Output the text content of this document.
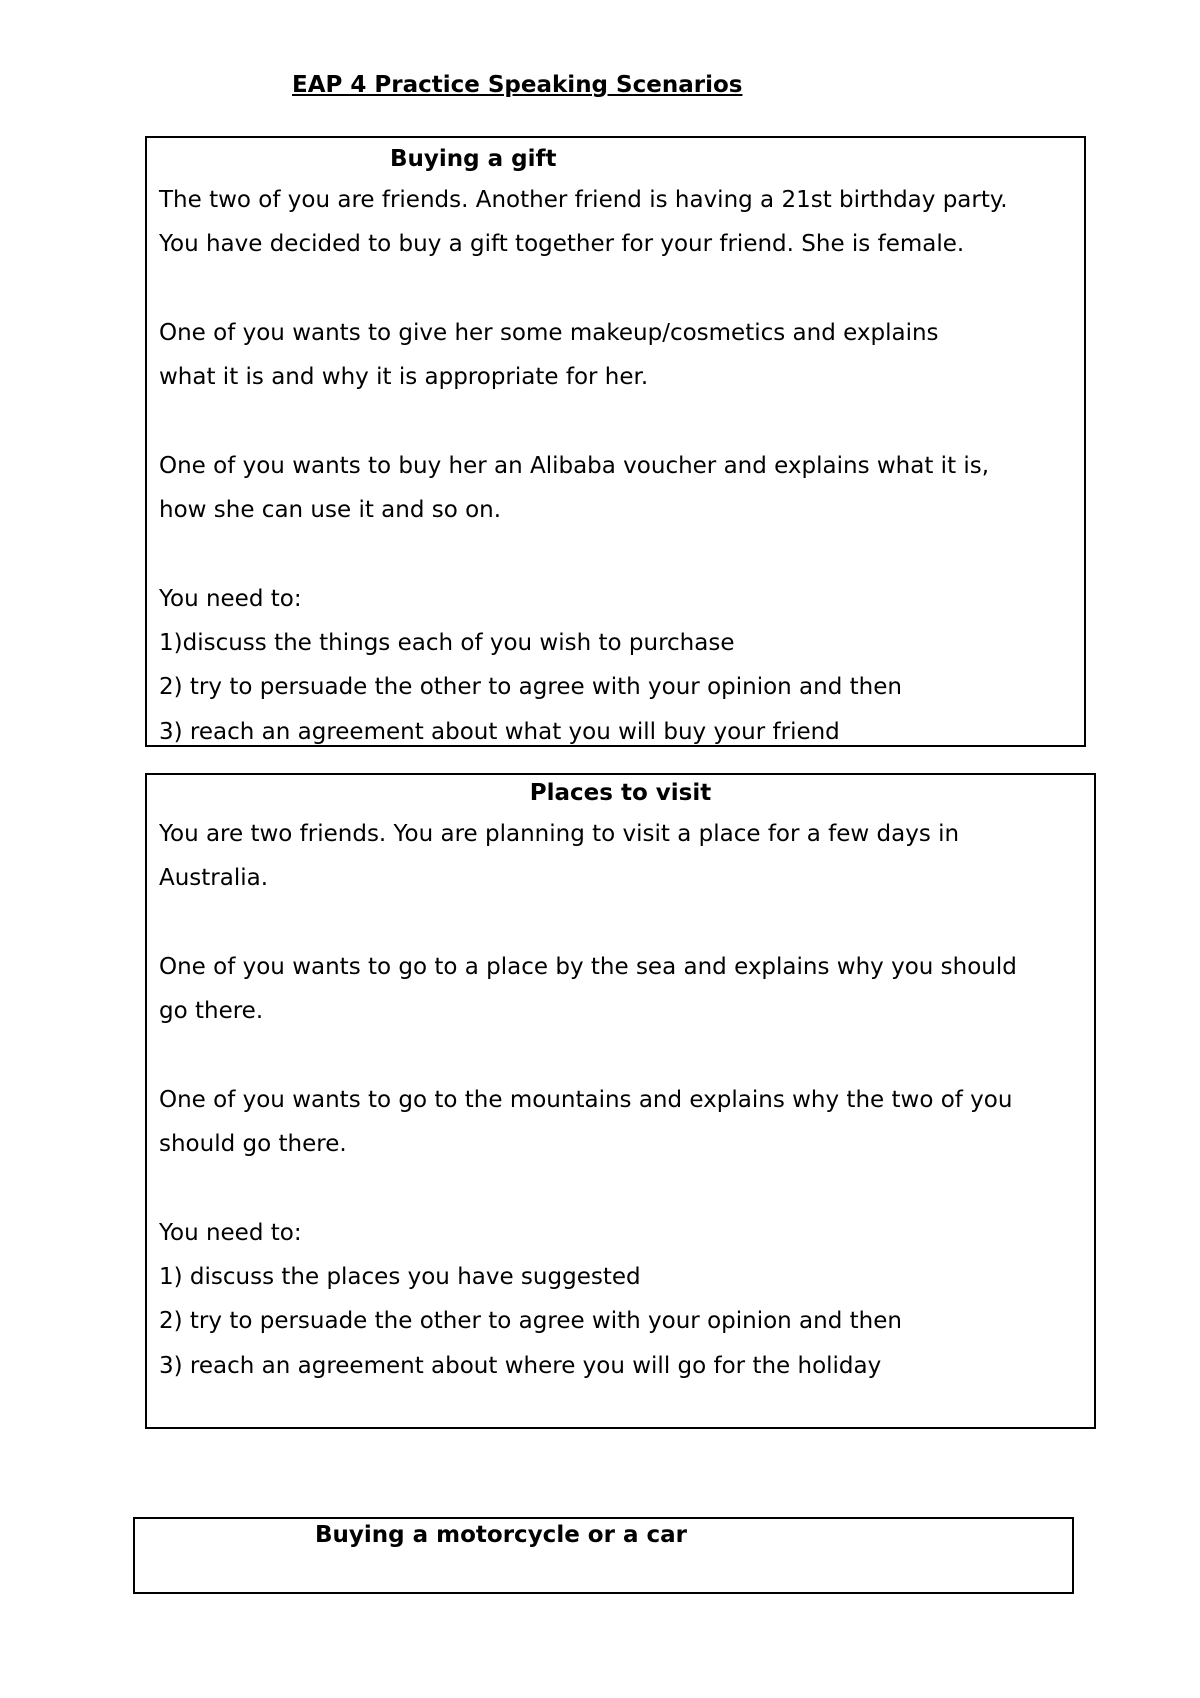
EAP 4 Practice Speaking Scenarios
Buying a gift
The two of you are friends. Another friend is having a 21st birthday party.
You have decided to buy a gift together for your friend. She is female.
One of you wants to give her some makeup/cosmetics and explains
what it is and why it is appropriate for her.
One of you wants to buy her an Alibaba voucher and explains what it is,
how she can use it and so on.
You need to:
1)discuss the things each of you wish to purchase
2) try to persuade the other to agree with your opinion and then
3) reach an agreement about what you will buy your friend
Places to visit
You are two friends. You are planning to visit a place for a few days in
Australia.
One of you wants to go to a place by the sea and explains why you should
go there.
One of you wants to go to the mountains and explains why the two of you
should go there.
You need to:
1) discuss the places you have suggested
2) try to persuade the other to agree with your opinion and then
3) reach an agreement about where you will go for the holiday
Buying a motorcycle or a car
